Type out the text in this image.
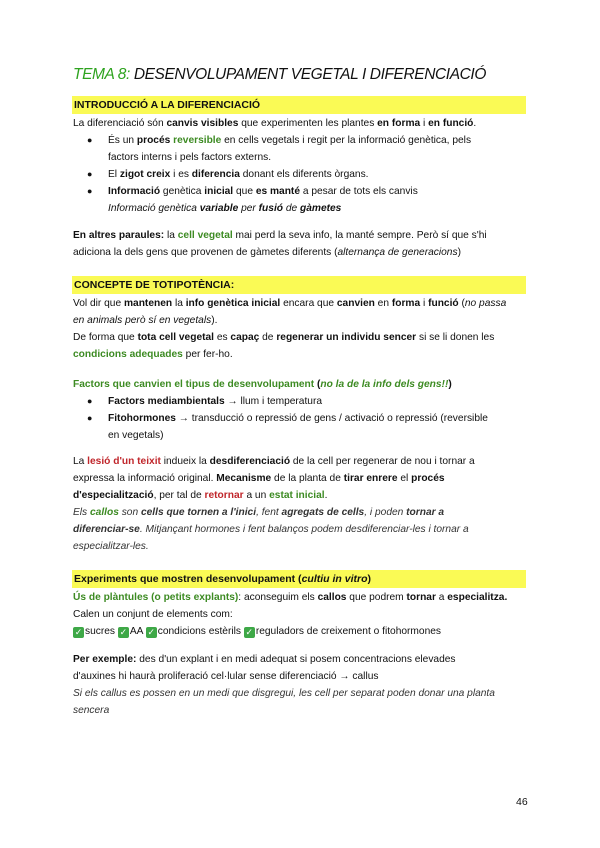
TEMA 8: DESENVOLUPAMENT VEGETAL I DIFERENCIACIÓ
INTRODUCCIÓ A LA DIFERENCIACIÓ
La diferenciació són canvis visibles que experimenten les plantes en forma i en funció.
● És un procés reversible en cells vegetals i regit per la informació genètica, pels
factors interns i pels factors externs.
● El zigot creix i es diferencia donant els diferents òrgans.
● Informació genètica inicial que es manté a pesar de tots els canvis
Informació genètica variable per fusió de gàmetes
En altres paraules: la cell vegetal mai perd la seva info, la manté sempre. Però sí que s'hi
adiciona la dels gens que provenen de gàmetes diferents (alternança de generacions)
CONCEPTE DE TOTIPOTÈNCIA:
Vol dir que mantenen la info genètica inicial encara que canvien en forma i funció (no passa
en animals però sí en vegetals).
De forma que tota cell vegetal es capaç de regenerar un individu sencer si se li donen les
condicions adequades per fer-ho.
Factors que canvien el tipus de desenvolupament (no la de la info dels gens!!)
● Factors mediambientals → llum i temperatura
● Fitohormones → transducció o repressió de gens / activació o repressió (reversible
en vegetals)
La lesió d'un teixit indueix la desdiferenciació de la cell per regenerar de nou i tornar a
expressa la informació original. Mecanisme de la planta de tirar enrere el procés
d'especialització, per tal de retornar a un estat inicial.
Els callos son cells que tornen a l'inici, fent agregats de cells, i poden tornar a
diferenciar-se. Mitjançant hormones i fent balanços podem desdiferenciar-les i tornar a
especialitzar-les.
Experiments que mostren desenvolupament (cultiu in vitro)
Ús de plàntules (o petits explants): aconseguim els callos que podrem tornar a especialitza.
Calen un conjunt de elements com:
✓ sucres ✓ AA ✓ condicions estèrils ✓ reguladors de creixement o fitohormones
Per exemple: des d'un explant i en medi adequat si posem concentracions elevades
d'auxines hi haurà proliferació cel·lular sense diferenciació → callus
Si els callus es possen en un medi que disgregui, les cell per separat poden donar una planta
sencera
46
